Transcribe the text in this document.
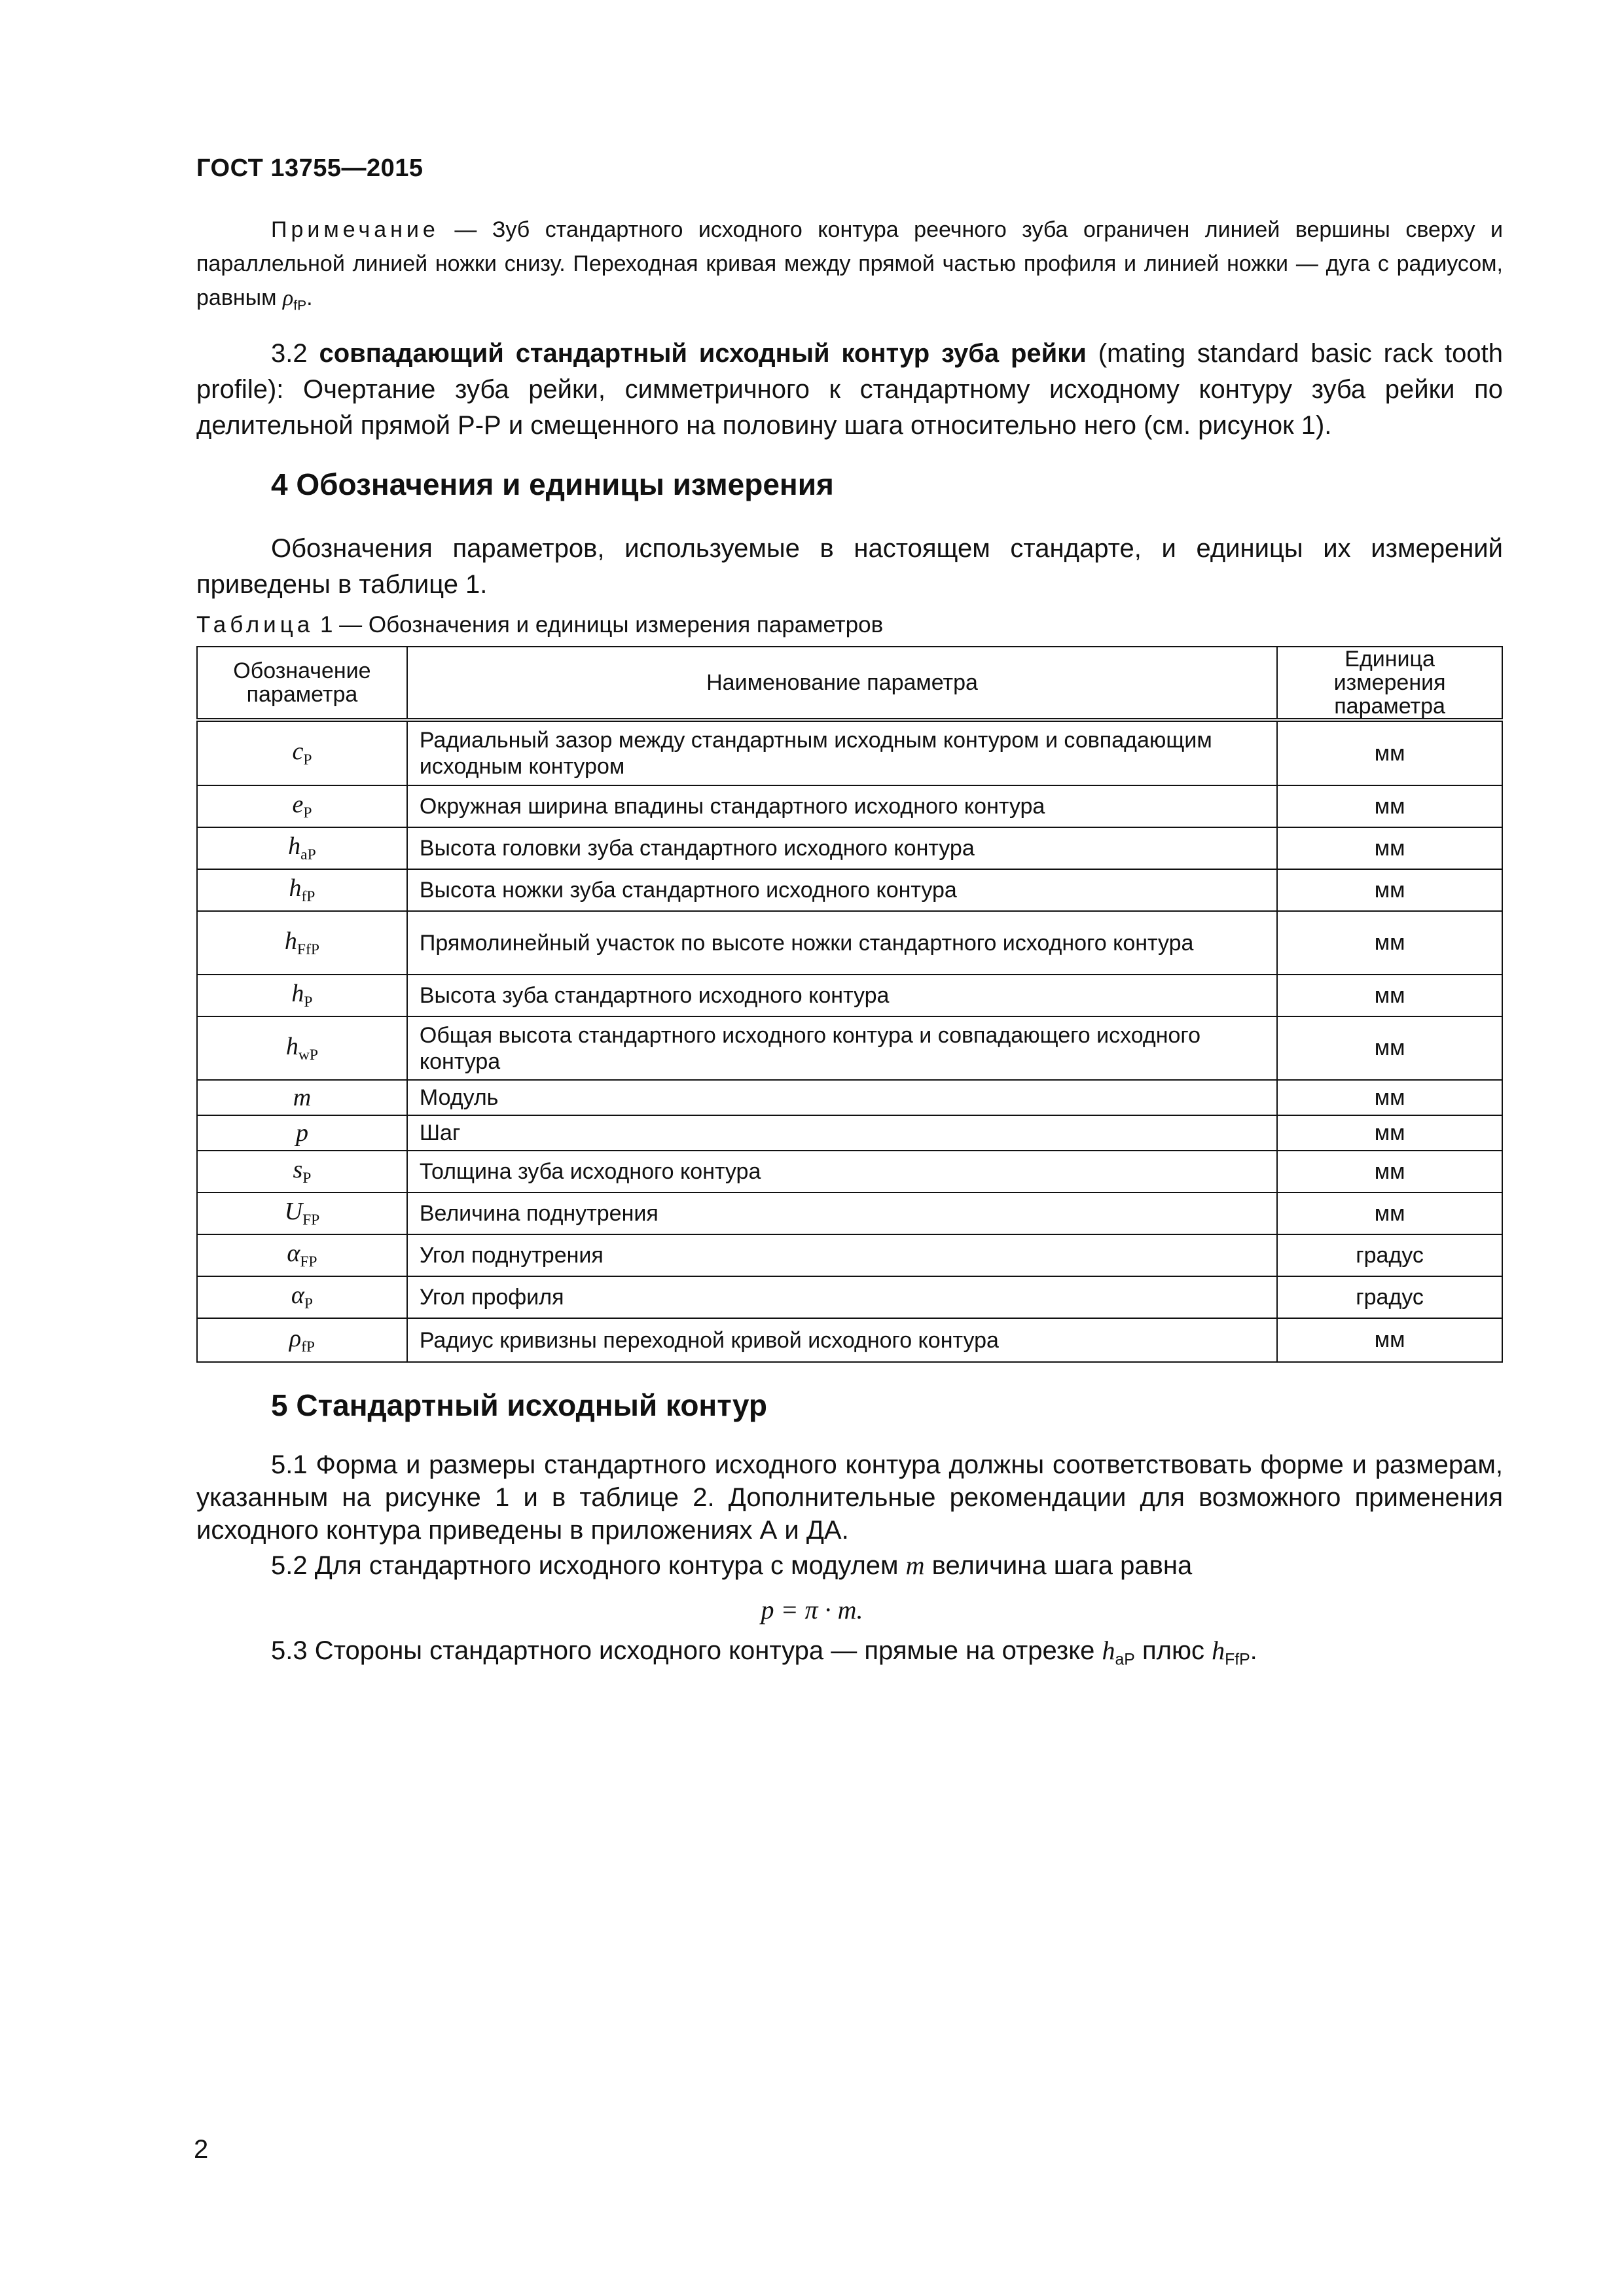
ГОСТ 13755—2015
Примечание — Зуб стандартного исходного контура реечного зуба ограничен линией вершины сверху и параллельной линией ножки снизу. Переходная кривая между прямой частью профиля и линией ножки — дуга с радиусом, равным $\rho_{fP}$.
3.2 совпадающий стандартный исходный контур зуба рейки (mating standard basic rack tooth profile): Очертание зуба рейки, симметричного к стандартному исходному контуру зуба рейки по делительной прямой Р-Р и смещенного на половину шага относительно него (см. рисунок 1).
4 Обозначения и единицы измерения
Обозначения параметров, используемые в настоящем стандарте, и единицы их измерений приведены в таблице 1.
Таблица 1 — Обозначения и единицы измерения параметров
Обозначение параметра	Наименование параметра	Единица измерения параметра
$c_P$	Радиальный зазор между стандартным исходным контуром и совпадающим исходным контуром	мм
$e_P$	Окружная ширина впадины стандартного исходного контура	мм
$h_{aP}$	Высота головки зуба стандартного исходного контура	мм
$h_{fP}$	Высота ножки зуба стандартного исходного контура	мм
$h_{FfP}$	Прямолинейный участок по высоте ножки стандартного исходного контура	мм
$h_P$	Высота зуба стандартного исходного контура	мм
$h_{wP}$	Общая высота стандартного исходного контура и совпадающего исходного контура	мм
m	Модуль	мм
p	Шаг	мм
$s_P$	Толщина зуба исходного контура	мм
$U_{FP}$	Величина поднутрения	мм
$\alpha_{FP}$	Угол поднутрения	градус
$\alpha_P$	Угол профиля	градус
$\rho_{fP}$	Радиус кривизны переходной кривой исходного контура	мм
5 Стандартный исходный контур
5.1 Форма и размеры стандартного исходного контура должны соответствовать форме и размерам, указанным на рисунке 1 и в таблице 2. Дополнительные рекомендации для возможного применения исходного контура приведены в приложениях А и ДА.
5.2 Для стандартного исходного контура с модулем m величина шага равна
p = π · m.
5.3 Стороны стандартного исходного контура — прямые на отрезке $h_{aP}$ плюс $h_{FfP}$.
2
